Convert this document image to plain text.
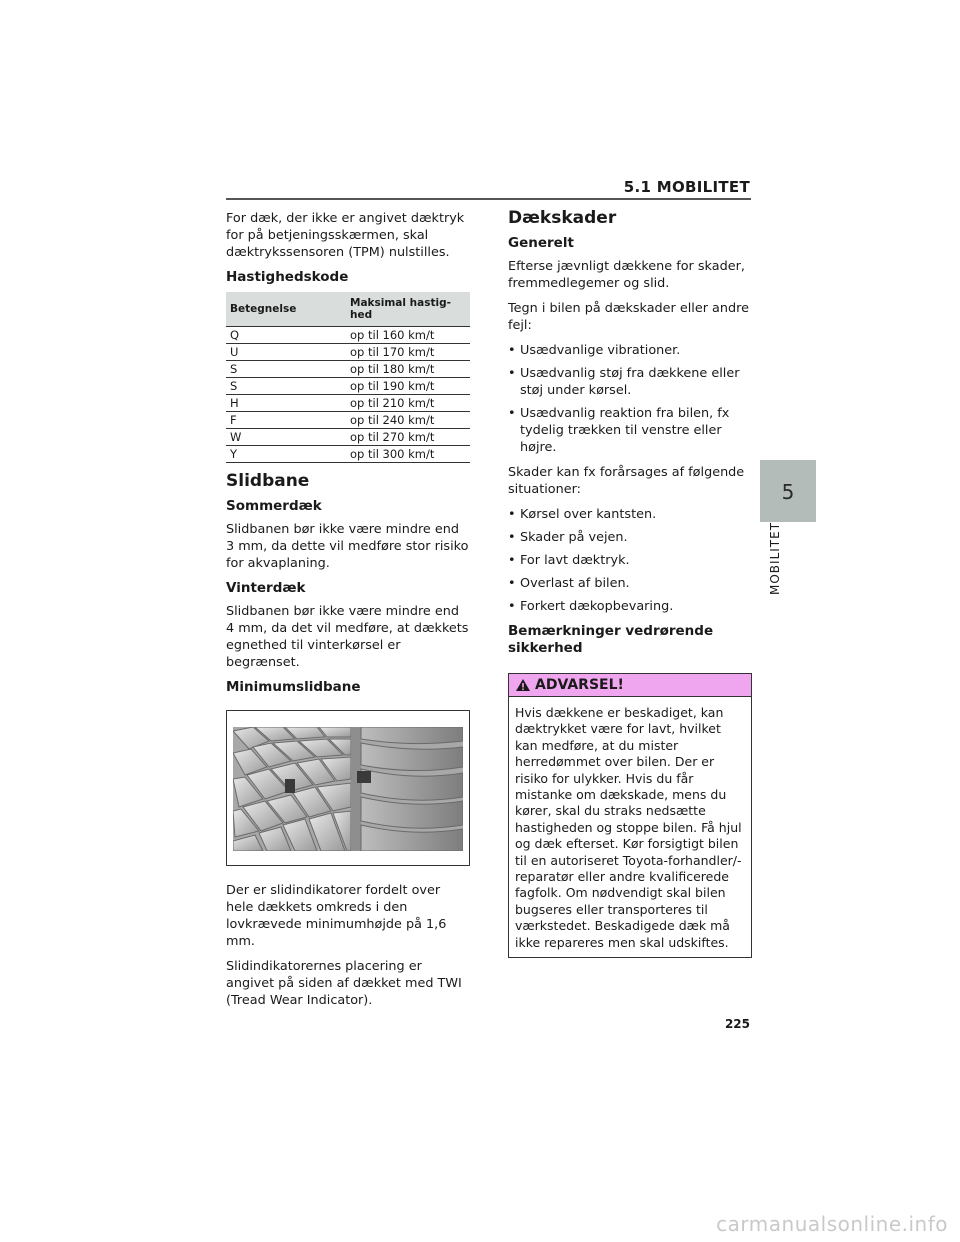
5.1 MOBILITET
5
MOBILITET

For dæk, der ikke er angivet dæktryk for på betjeningsskærmen, skal dæktrykssensoren (TPM) nulstilles.

Hastighedskode
Betegnelse	Maksimal hastig-
hed
Q	op til 160 km/t
U	op til 170 km/t
S	op til 180 km/t
S	op til 190 km/t
H	op til 210 km/t
F	op til 240 km/t
W	op til 270 km/t
Y	op til 300 km/t
Slidbane
Sommerdæk

Slidbanen bør ikke være mindre end 3 mm, da dette vil medføre stor risiko for akvaplaning.

Vinterdæk

Slidbanen bør ikke være mindre end 4 mm, da det vil medføre, at dækkets egnethed til vinterkørsel er begrænset.

Minimumslidbane

Der er slidindikatorer fordelt over hele dækkets omkreds i den lovkrævede minimumhøjde på 1,6 mm.

Slidindikatorernes placering er angivet på siden af dækket med TWI (Tread Wear Indicator).

Dækskader
Generelt

Efterse jævnligt dækkene for skader, fremmedlegemer og slid.

Tegn i bilen på dækskader eller andre fejl:

• Usædvanlige vibrationer.
• Usædvanlig støj fra dækkene eller støj under kørsel.
• Usædvanlig reaktion fra bilen, fx tydelig trækken til venstre eller højre.

Skader kan fx forårsages af følgende situationer:

• Kørsel over kantsten.
• Skader på vejen.
• For lavt dæktryk.
• Overlast af bilen.
• Forkert dækopbevaring.
Bemærkninger vedrørende sikkerhed
ADVARSEL!
Hvis dækkene er beskadiget, kan dæktrykket være for lavt, hvilket kan medføre, at du mister herredømmet over bilen. Der er risiko for ulykker. Hvis du får mistanke om dækskade, mens du kører, skal du straks nedsætte hastigheden og stoppe bilen. Få hjul og dæk efterset. Kør forsigtigt bilen til en autoriseret Toyota-forhandler/-reparatør eller andre kvalificerede fagfolk. Om nødvendigt skal bilen bugseres eller transporteres til værkstedet. Beskadigede dæk må ikke repareres men skal udskiftes.
225
carmanualsonline.info
